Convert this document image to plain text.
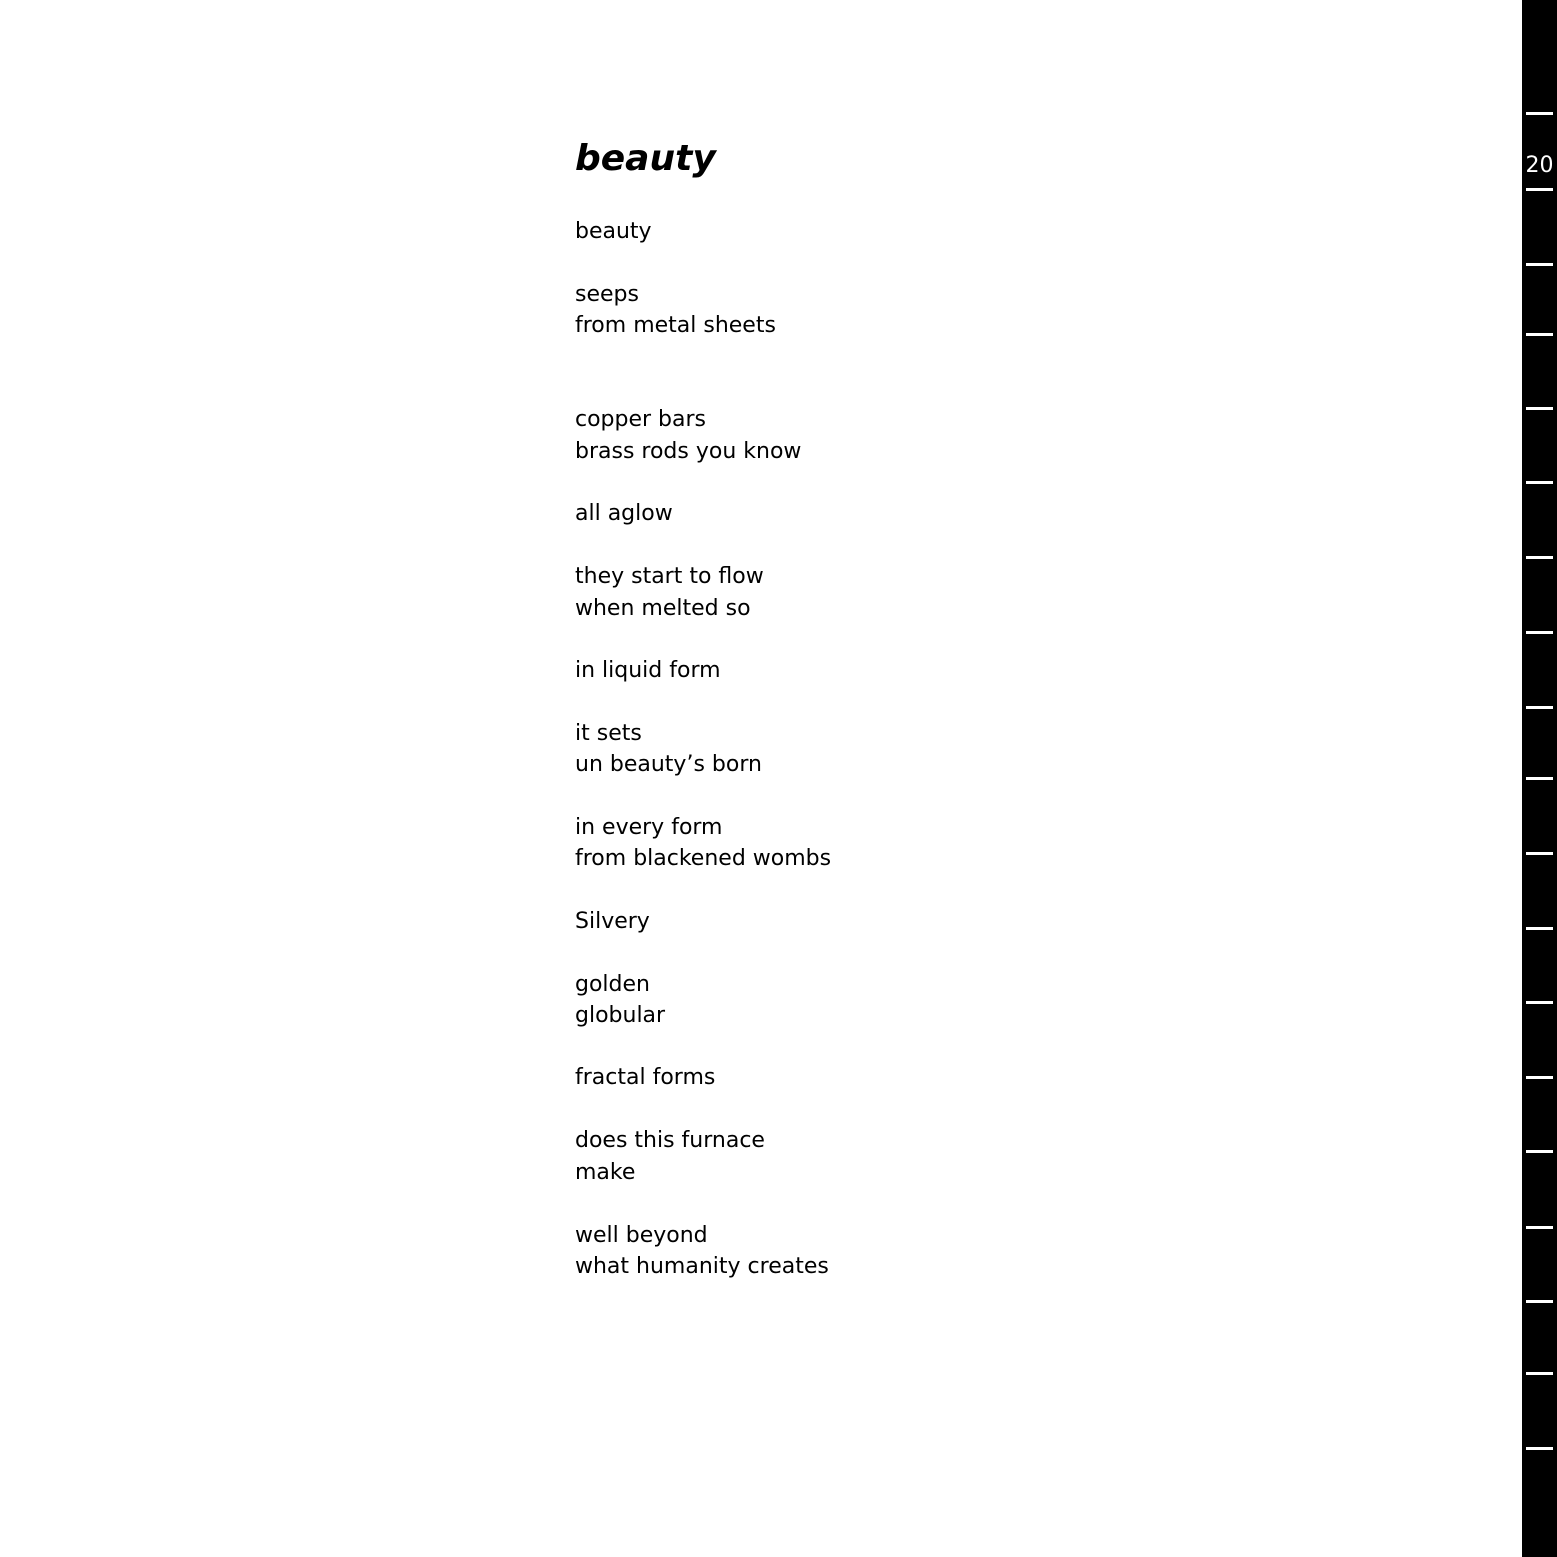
beauty
beauty
seeps
from metal sheets
copper bars
brass rods you know
all aglow
they start to flow
when melted so
in liquid form
it sets
un beauty’s born
in every form
from blackened wombs
Silvery
golden
globular
fractal forms
does this furnace
make
well beyond
what humanity creates
20
